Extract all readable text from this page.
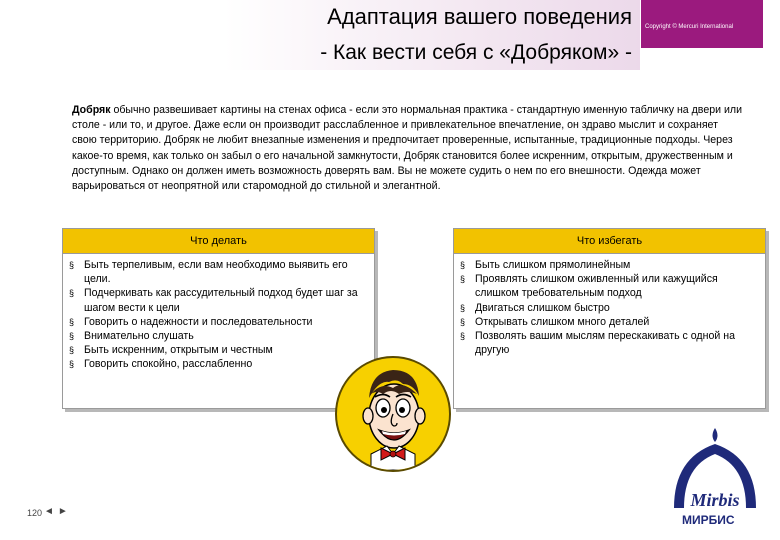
Адаптация вашего поведения
- Как вести себя с «Добряком» -
Copyright © Mercuri International
Добряк обычно развешивает картины на стенах офиса - если это нормальная практика - стандартную именную табличку на двери или столе - или то, и другое. Даже если он производит расслабленное и привлекательное впечатление, он здраво мыслит и сохраняет свою территорию. Добряк не любит внезапные изменения и предпочитает проверенные, испытанные, традиционные подходы. Через какое-то время, как только он забыл о его начальной замкнутости, Добряк становится более искренним, открытым, дружественным и доступным. Однако он должен иметь возможность доверять вам. Вы не можете судить о нем по его внешности. Одежда может варьироваться от неопрятной или старомодной до стильной и элегантной.
Что делать
§ Быть терпеливым, если вам необходимо выявить его цели.
§ Подчеркивать как рассудительный подход будет шаг за шагом вести к цели
§ Говорить о надежности и последовательности
§ Внимательно слушать
§ Быть искренним, открытым и честным
§ Говорить спокойно, расслабленно
Что избегать
§ Быть слишком прямолинейным
§ Проявлять слишком оживленный или кажущийся слишком требовательным подход
§ Двигаться слишком быстро
§ Открывать слишком много деталей
§ Позволять вашим мыслям перескакивать с одной на другую
120 ◄►
Mirbis
МИРБИС
